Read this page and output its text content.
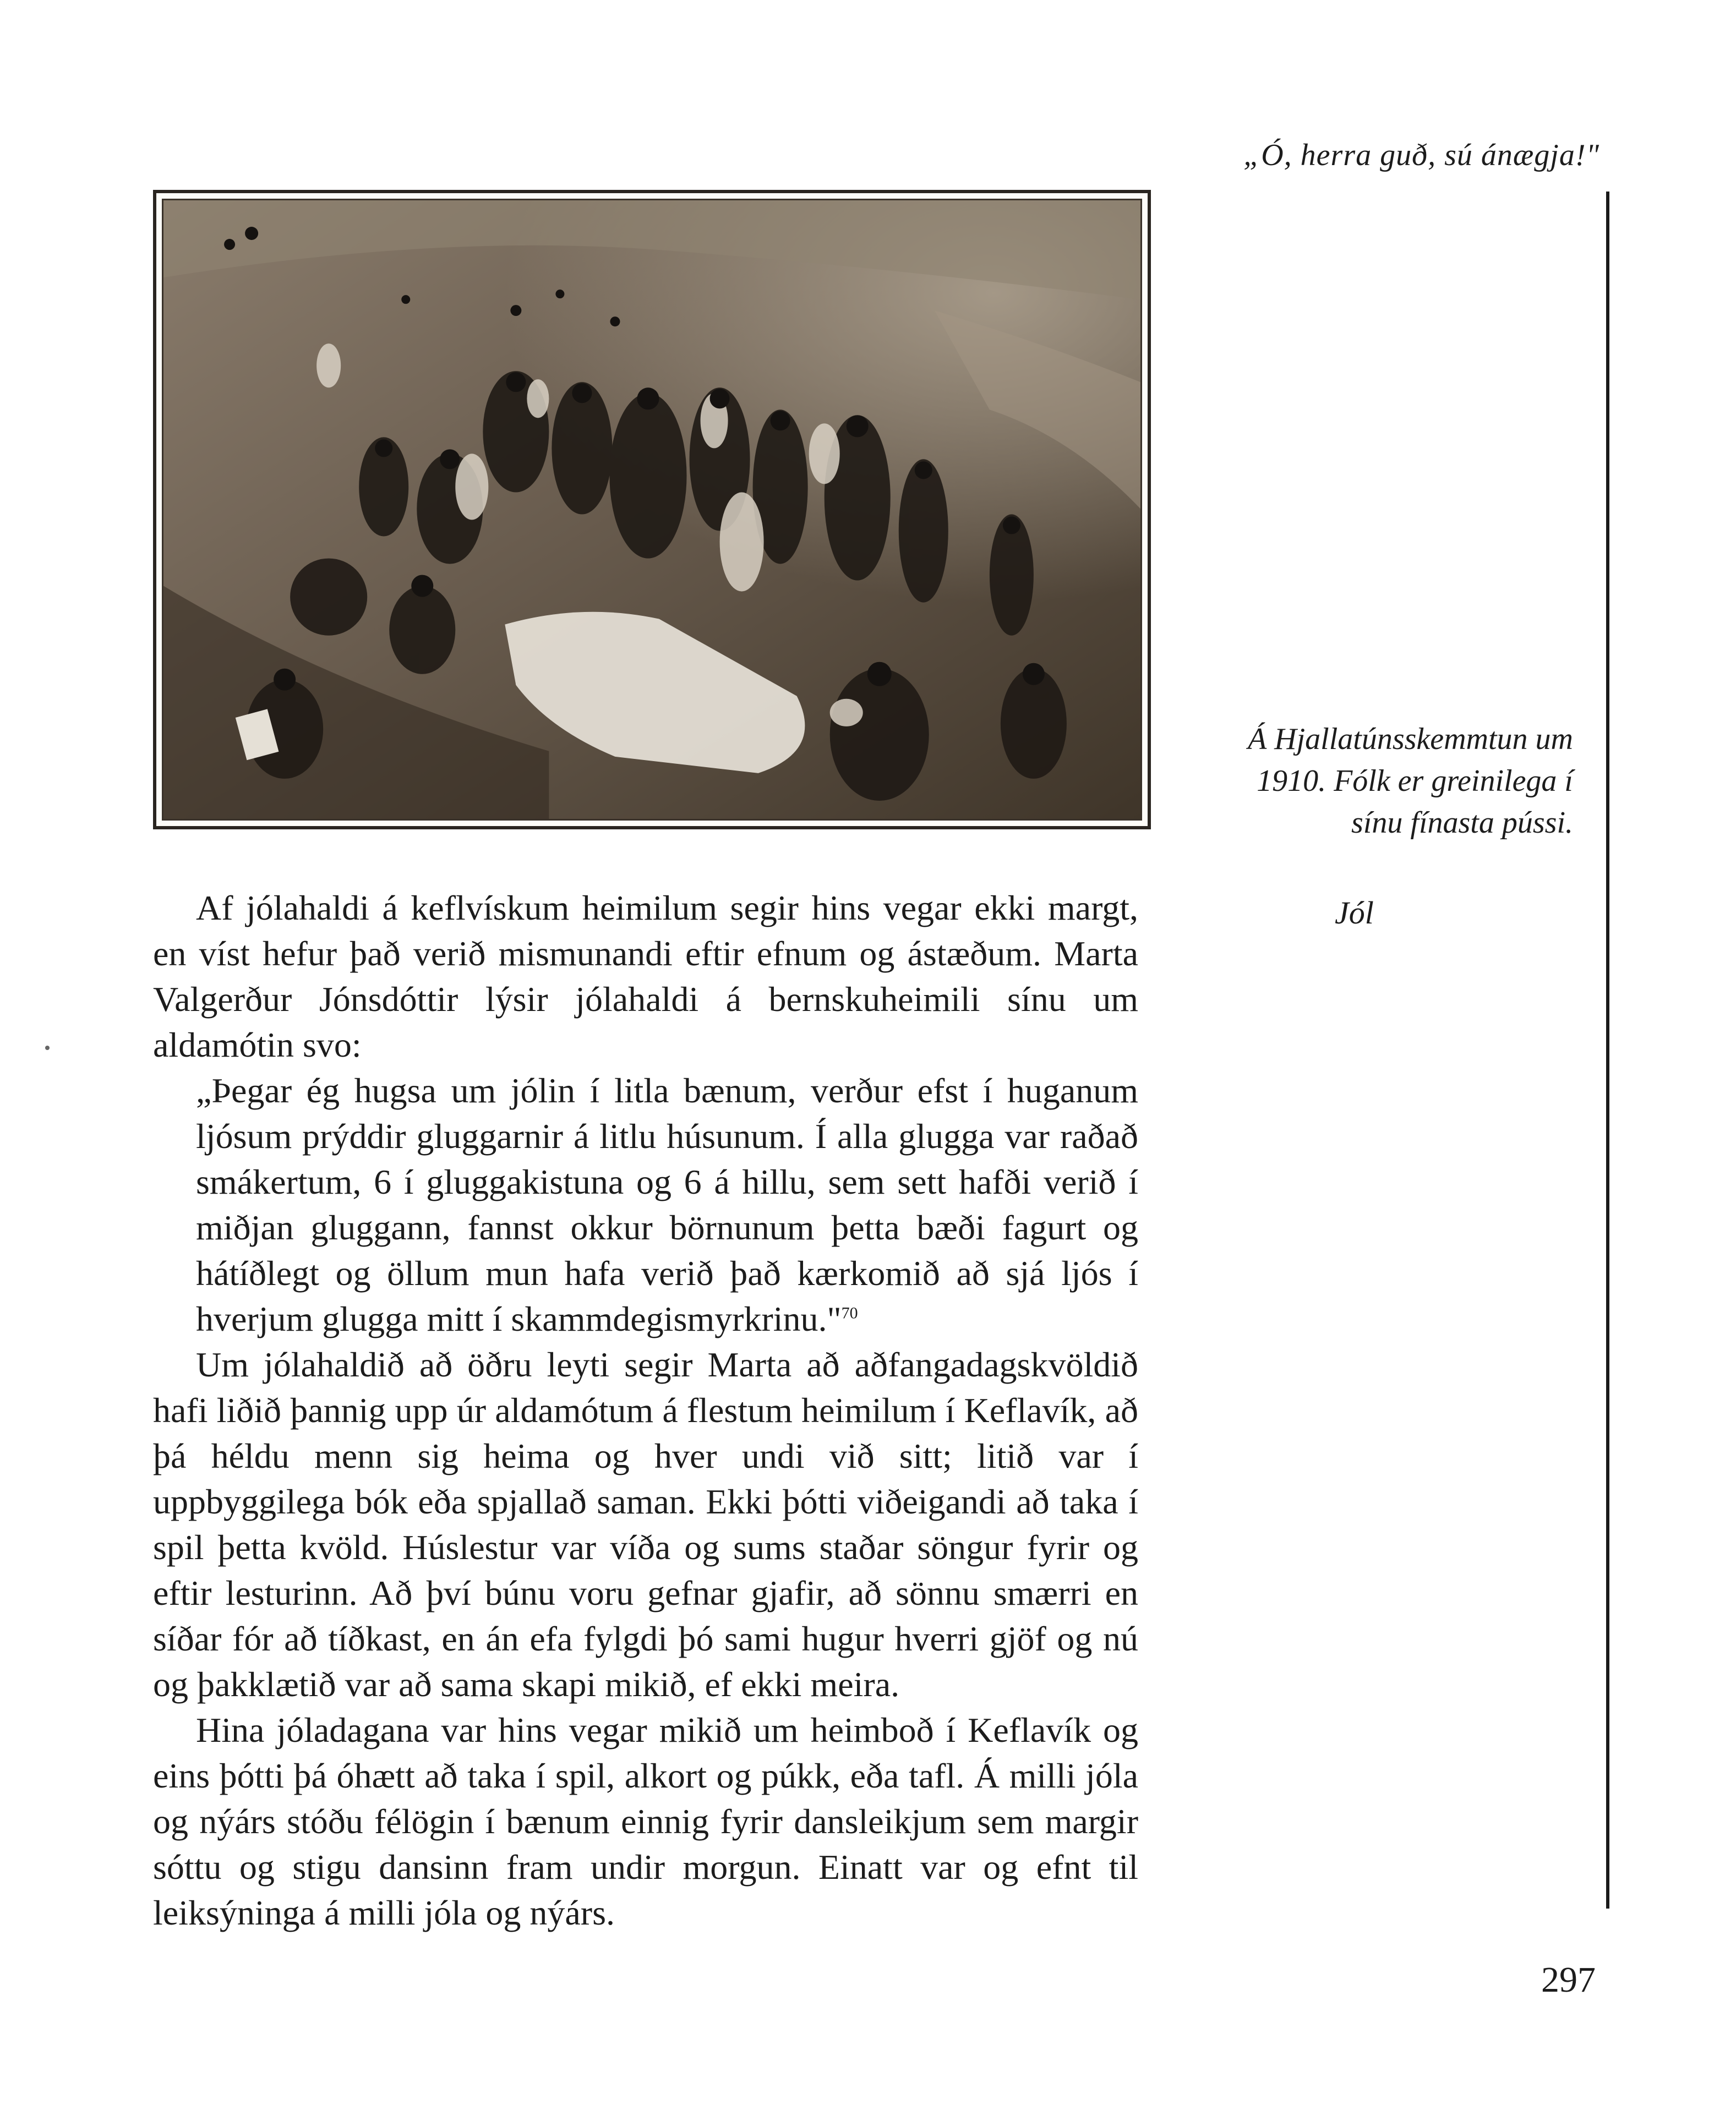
„Ó, herra guð, sú ánægja!"
Á Hjallatúnsskemmtun um
1910. Fólk er greinilega í
sínu fínasta pússi.
Jól

Af jólahaldi á keflvískum heimilum segir hins vegar ekki margt, en víst hefur það verið mismunandi eftir efnum og ástæðum. Marta Valgerður Jónsdóttir lýsir jólahaldi á bernskuheimili sínu um aldamótin svo:

„Þegar ég hugsa um jólin í litla bænum, verður efst í huganum ljósum prýddir gluggarnir á litlu húsunum. Í alla glugga var raðað smákertum, 6 í gluggakistuna og 6 á hillu, sem sett hafði verið í miðjan gluggann, fannst okkur börnunum þetta bæði fagurt og hátíðlegt og öllum mun hafa verið það kærkomið að sjá ljós í hverjum glugga mitt í skammdegismyrkrinu."$^{70}$

Um jólahaldið að öðru leyti segir Marta að aðfangadagskvöldið hafi liðið þannig upp úr aldamótum á flestum heimilum í Keflavík, að þá héldu menn sig heima og hver undi við sitt; litið var í uppbyggilega bók eða spjallað saman. Ekki þótti viðeigandi að taka í spil þetta kvöld. Húslestur var víða og sums staðar söngur fyrir og eftir lesturinn. Að því búnu voru gefnar gjafir, að sönnu smærri en síðar fór að tíðkast, en án efa fylgdi þó sami hugur hverri gjöf og nú og þakklætið var að sama skapi mikið, ef ekki meira.

Hina jóladagana var hins vegar mikið um heimboð í Keflavík og eins þótti þá óhætt að taka í spil, alkort og púkk, eða tafl. Á milli jóla og nýárs stóðu félögin í bænum einnig fyrir dansleikjum sem margir sóttu og stigu dansinn fram undir morgun. Einatt var og efnt til leiksýninga á milli jóla og nýárs.

297
